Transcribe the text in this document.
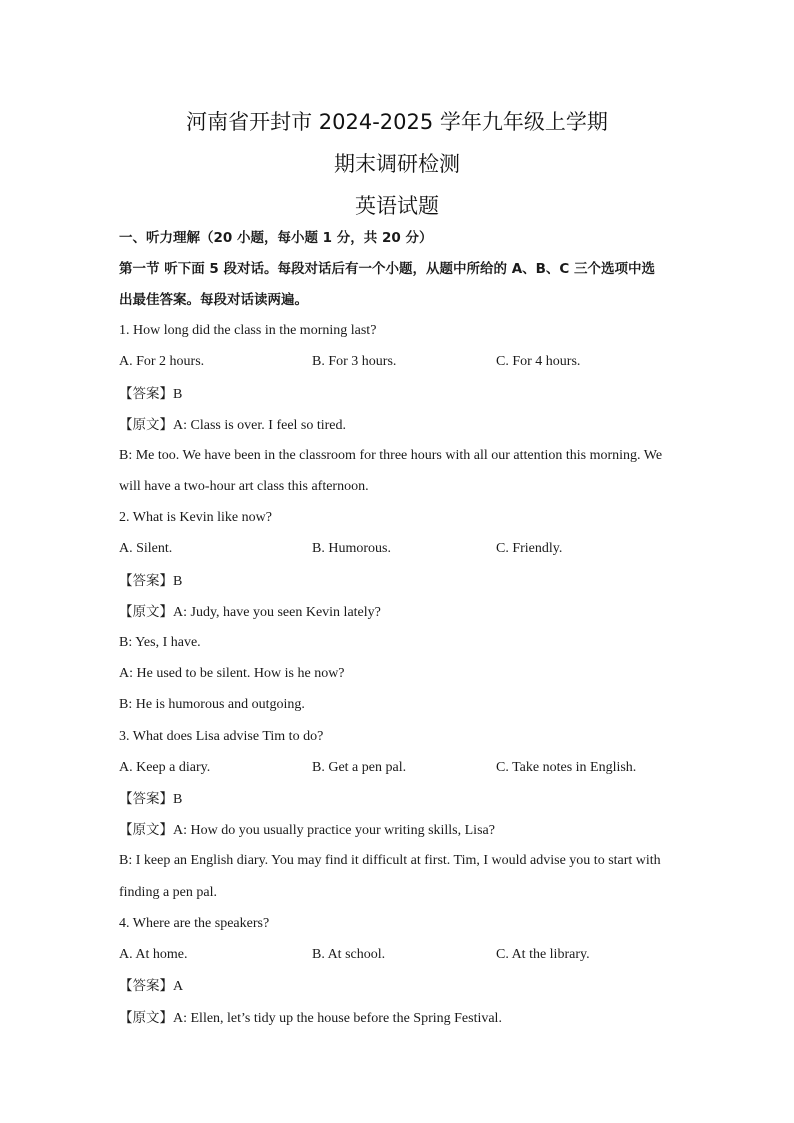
河南省开封市 2024-2025 学年九年级上学期
期末调研检测
英语试题
一、听力理解（20 小题，每小题 1 分，共 20 分）
第一节 听下面 5 段对话。每段对话后有一个小题，从题中所给的 A、B、C 三个选项中选
出最佳答案。每段对话读两遍。
1. How long did the class in the morning last?
A. For 2 hours.	B. For 3 hours.	C. For 4 hours.
【答案】B
【原文】A: Class is over. I feel so tired.
B: Me too. We have been in the classroom for three hours with all our attention this morning. We
will have a two-hour art class this afternoon.
2. What is Kevin like now?
A. Silent.	B. Humorous.	C. Friendly.
【答案】B
【原文】A: Judy, have you seen Kevin lately?
B: Yes, I have.
A: He used to be silent. How is he now?
B: He is humorous and outgoing.
3. What does Lisa advise Tim to do?
A. Keep a diary.	B. Get a pen pal.	C. Take notes in English.
【答案】B
【原文】A: How do you usually practice your writing skills, Lisa?
B: I keep an English diary. You may find it difficult at first. Tim, I would advise you to start with
finding a pen pal.
4. Where are the speakers?
A. At home.	B. At school.	C. At the library.
【答案】A
【原文】A: Ellen, let’s tidy up the house before the Spring Festival.
